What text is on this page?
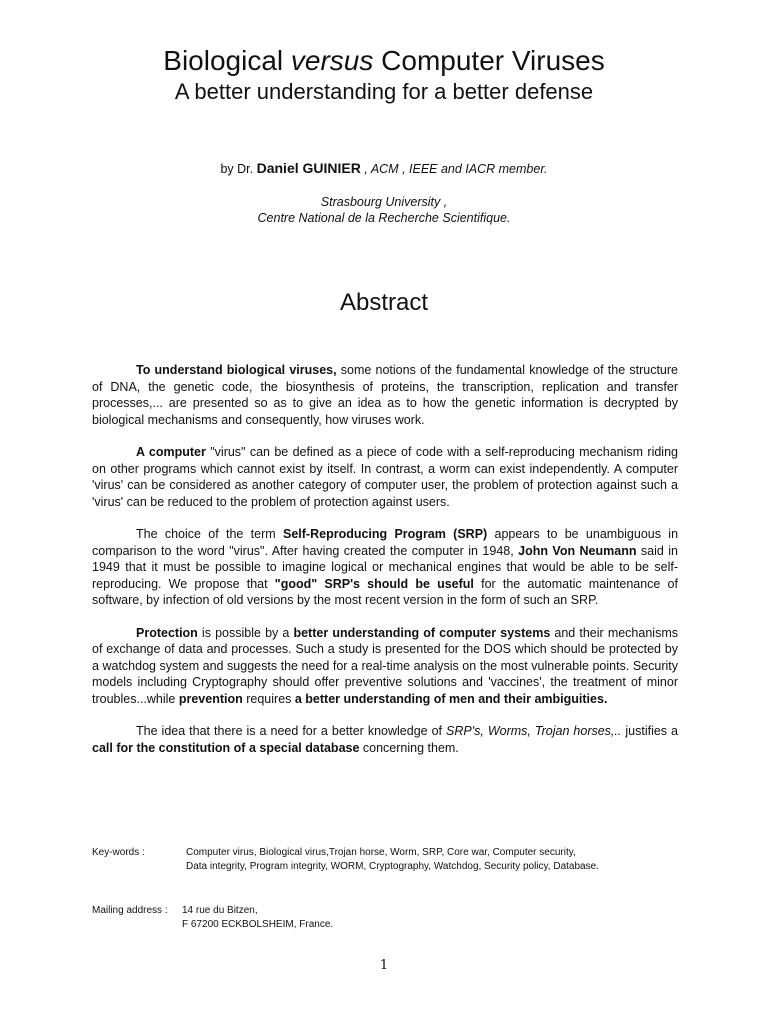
Biological versus Computer Viruses
A better understanding for a better defense
by Dr. Daniel GUINIER , ACM , IEEE and IACR member.
Strasbourg University ,
Centre National de la Recherche Scientifique.
Abstract

To understand biological viruses, some notions of the fundamental knowledge of the structure of DNA, the genetic code, the biosynthesis of proteins, the transcription, replication and transfer processes,... are presented so as to give an idea as to how the genetic information is decrypted by biological mechanisms and consequently, how viruses work.

A computer "virus" can be defined as a piece of code with a self-reproducing mechanism riding on other programs which cannot exist by itself. In contrast, a worm can exist independently. A computer 'virus' can be considered as another category of computer user, the problem of protection against such a 'virus' can be reduced to the problem of protection against users.

The choice of the term Self-Reproducing Program (SRP) appears to be unambiguous in comparison to the word "virus". After having created the computer in 1948, John Von Neumann said in 1949 that it must be possible to imagine logical or mechanical engines that would be able to be self-reproducing. We propose that "good" SRP's should be useful for the automatic maintenance of software, by infection of old versions by the most recent version in the form of such an SRP.

Protection is possible by a better understanding of computer systems and their mechanisms of exchange of data and processes. Such a study is presented for the DOS which should be protected by a watchdog system and suggests the need for a real-time analysis on the most vulnerable points. Security models including Cryptography should offer preventive solutions and 'vaccines', the treatment of minor troubles...while prevention requires a better understanding of men and their ambiguities.

The idea that there is a need for a better knowledge of SRP's, Worms, Trojan horses,.. justifies a call for the constitution of a special database concerning them.

Key-words :	Computer virus, Biological virus,Trojan horse, Worm, SRP, Core war, Computer security,
Data integrity, Program integrity, WORM, Cryptography, Watchdog, Security policy, Database.
Mailing address : 14 rue du Bitzen,
F 67200 ECKBOLSHEIM, France.
1
